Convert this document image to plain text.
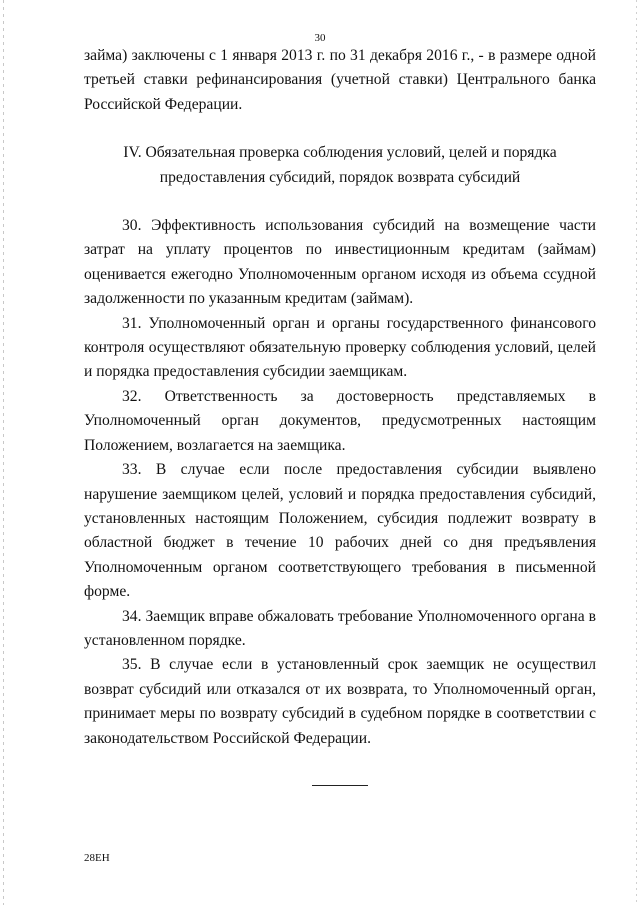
30

займа) заключены с 1 января 2013 г. по 31 декабря 2016 г., - в размере одной третьей ставки рефинансирования (учетной ставки) Центрального банка Российской Федерации.

IV. Обязательная проверка соблюдения условий, целей и порядка
предоставления субсидий, порядок возврата субсидий

30. Эффективность использования субсидий на возмещение части затрат на уплату процентов по инвестиционным кредитам (займам) оценивается ежегодно Уполномоченным органом исходя из объема ссудной задолженности по указанным кредитам (займам).

31. Уполномоченный орган и органы государственного финансового контроля осуществляют обязательную проверку соблюдения условий, целей и порядка предоставления субсидии заемщикам.

32. Ответственность за достоверность представляемых в Уполномоченный орган документов, предусмотренных настоящим Положением, возлагается на заемщика.

33. В случае если после предоставления субсидии выявлено нарушение заемщиком целей, условий и порядка предоставления субсидий, установленных настоящим Положением, субсидия подлежит возврату в областной бюджет в течение 10 рабочих дней со дня предъявления Уполномоченным органом соответствующего требования в письменной форме.

34. Заемщик вправе обжаловать требование Уполномоченного органа в установленном порядке.

35. В случае если в установленный срок заемщик не осуществил возврат субсидий или отказался от их возврата, то Уполномоченный орган, принимает меры по возврату субсидий в судебном порядке в соответствии с законодательством Российской Федерации.

28ЕН
